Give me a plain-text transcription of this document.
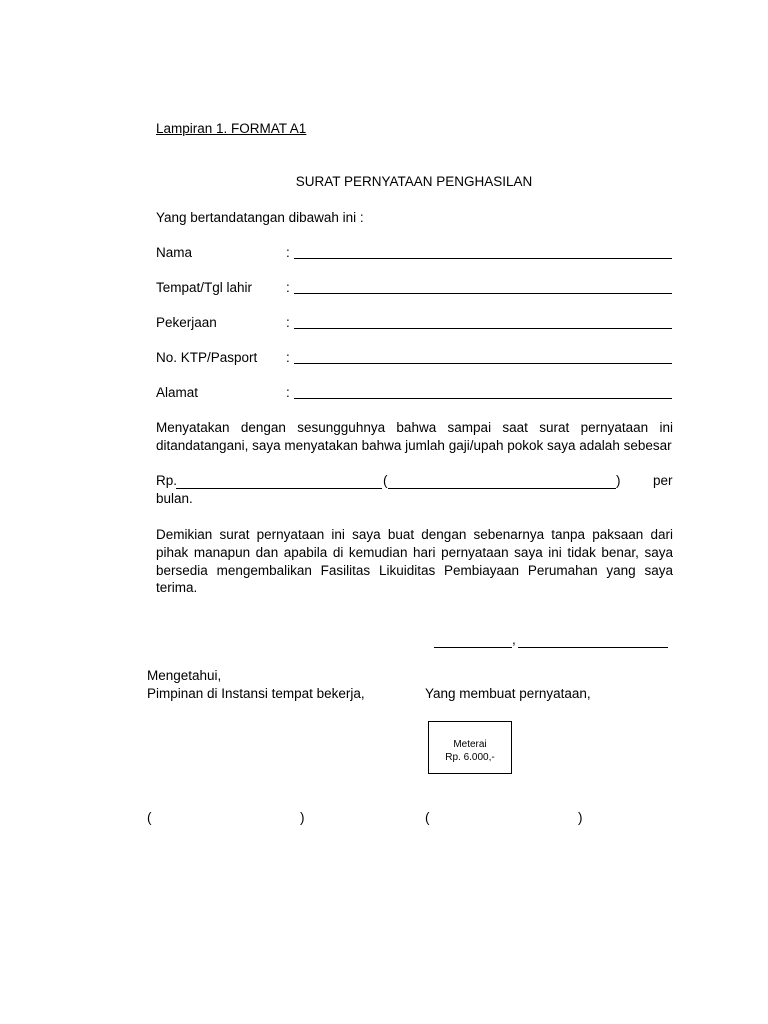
Lampiran 1. FORMAT A1
SURAT PERNYATAAN PENGHASILAN
Yang bertandatangan dibawah ini :
Nama	:
Tempat/Tgl lahir	:
Pekerjaan	:
No. KTP/Pasport :
Alamat	:
Menyatakan dengan sesungguhnya bahwa sampai saat surat pernyataan ini ditandatangani, saya menyatakan bahwa jumlah gaji/upah pokok saya adalah sebesar
Rp.	(	) per
bulan.
Demikian surat pernyataan ini saya buat dengan sebenarnya tanpa paksaan dari pihak manapun dan apabila di kemudian hari pernyataan saya ini tidak benar, saya bersedia mengembalikan Fasilitas Likuiditas Pembiayaan Perumahan yang saya terima.
,
Mengetahui,
Pimpinan di Instansi tempat bekerja,	Yang membuat pernyataan,
Meterai
Rp. 6.000,-
(	)	(	)
